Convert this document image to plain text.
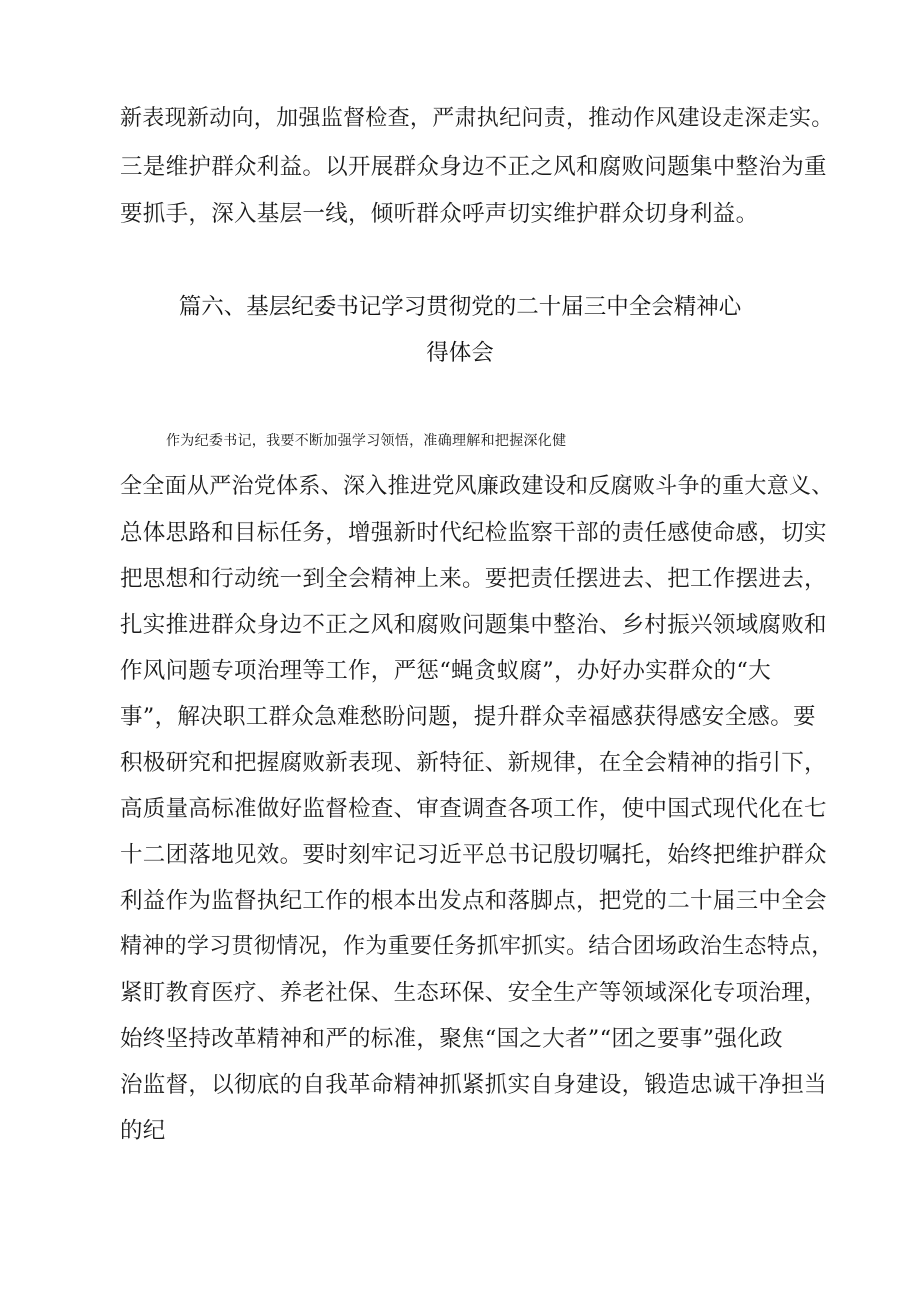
新表现新动向，加强监督检查，严肃执纪问责，推动作风建设走深走实。
三是维护群众利益。以开展群众身边不正之风和腐败问题集中整治为重
要抓手，深入基层一线，倾听群众呼声切实维护群众切身利益。
篇六、基层纪委书记学习贯彻党的二十届三中全会精神心
得体会
作为纪委书记，我要不断加强学习领悟，准确理解和把握深化健
全全面从严治党体系、深入推进党风廉政建设和反腐败斗争的重大意义、
总体思路和目标任务，增强新时代纪检监察干部的责任感使命感，切实
把思想和行动统一到全会精神上来。要把责任摆进去、把工作摆进去，
扎实推进群众身边不正之风和腐败问题集中整治、乡村振兴领域腐败和
作风问题专项治理等工作，严惩“蝇贪蚁腐”，办好办实群众的“大
事”，解决职工群众急难愁盼问题，提升群众幸福感获得感安全感。要
积极研究和把握腐败新表现、新特征、新规律，在全会精神的指引下，
高质量高标准做好监督检查、审查调查各项工作，使中国式现代化在七
十二团落地见效。要时刻牢记习近平总书记殷切嘱托，始终把维护群众
利益作为监督执纪工作的根本出发点和落脚点，把党的二十届三中全会
精神的学习贯彻情况，作为重要任务抓牢抓实。结合团场政治生态特点，
紧盯教育医疗、养老社保、生态环保、安全生产等领域深化专项治理，
始终坚持改革精神和严的标准，聚焦“国之大者”“团之要事”强化政
治监督，以彻底的自我革命精神抓紧抓实自身建设，锻造忠诚干净担当
的纪
